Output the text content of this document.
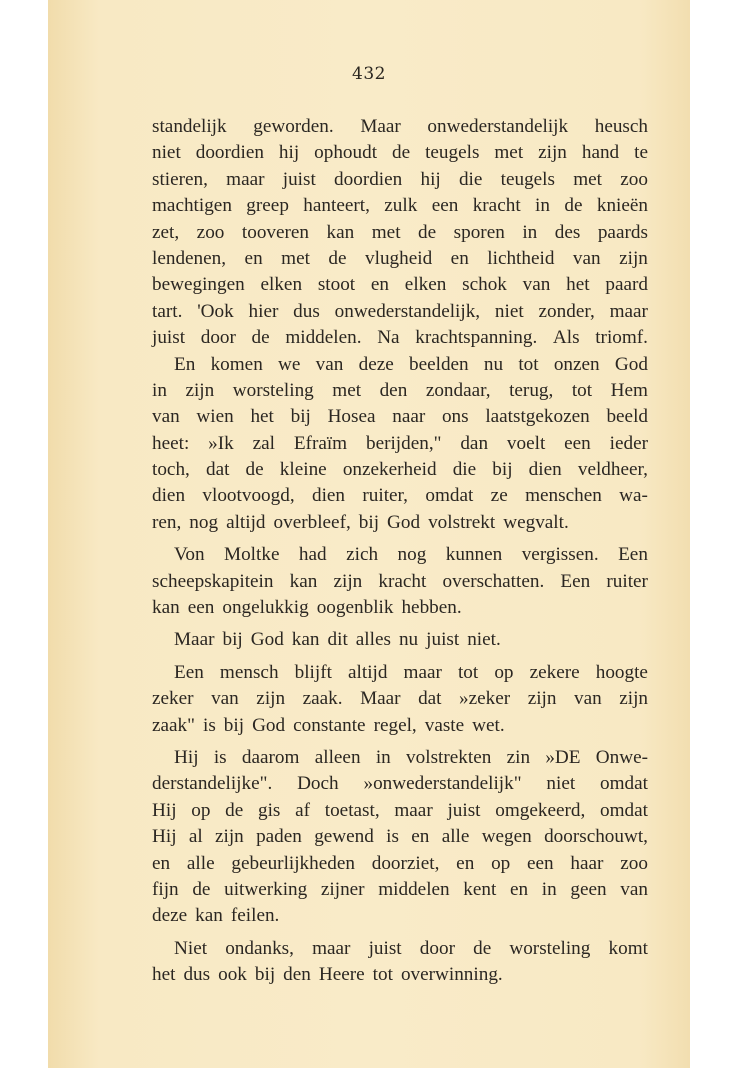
432
standelijk geworden. Maar onwederstandelijk heusch
niet doordien hij ophoudt de teugels met zijn hand te
stieren, maar juist doordien hij die teugels met zoo
machtigen greep hanteert, zulk een kracht in de knieën
zet, zoo tooveren kan met de sporen in des paards
lendenen, en met de vlugheid en lichtheid van zijn
bewegingen elken stoot en elken schok van het paard
tart. 'Ook hier dus onwederstandelijk, niet zonder, maar
juist door de middelen. Na krachtspanning. Als triomf.
En komen we van deze beelden nu tot onzen God
in zijn worsteling met den zondaar, terug, tot Hem
van wien het bij Hosea naar ons laatstgekozen beeld
heet: »Ik zal Efraïm berijden," dan voelt een ieder
toch, dat de kleine onzekerheid die bij dien veldheer,
dien vlootvoogd, dien ruiter, omdat ze menschen wa-
ren, nog altijd overbleef, bij God volstrekt wegvalt.
Von Moltke had zich nog kunnen vergissen. Een
scheepskapitein kan zijn kracht overschatten. Een ruiter
kan een ongelukkig oogenblik hebben.
Maar bij God kan dit alles nu juist niet.
Een mensch blijft altijd maar tot op zekere hoogte
zeker van zijn zaak. Maar dat »zeker zijn van zijn
zaak" is bij God constante regel, vaste wet.
Hij is daarom alleen in volstrekten zin »DE Onwe-
derstandelijke". Doch »onwederstandelijk" niet omdat
Hij op de gis af toetast, maar juist omgekeerd, omdat
Hij al zijn paden gewend is en alle wegen doorschouwt,
en alle gebeurlijkheden doorziet, en op een haar zoo
fijn de uitwerking zijner middelen kent en in geen van
deze kan feilen.
Niet ondanks, maar juist door de worsteling komt
het dus ook bij den Heere tot overwinning.
